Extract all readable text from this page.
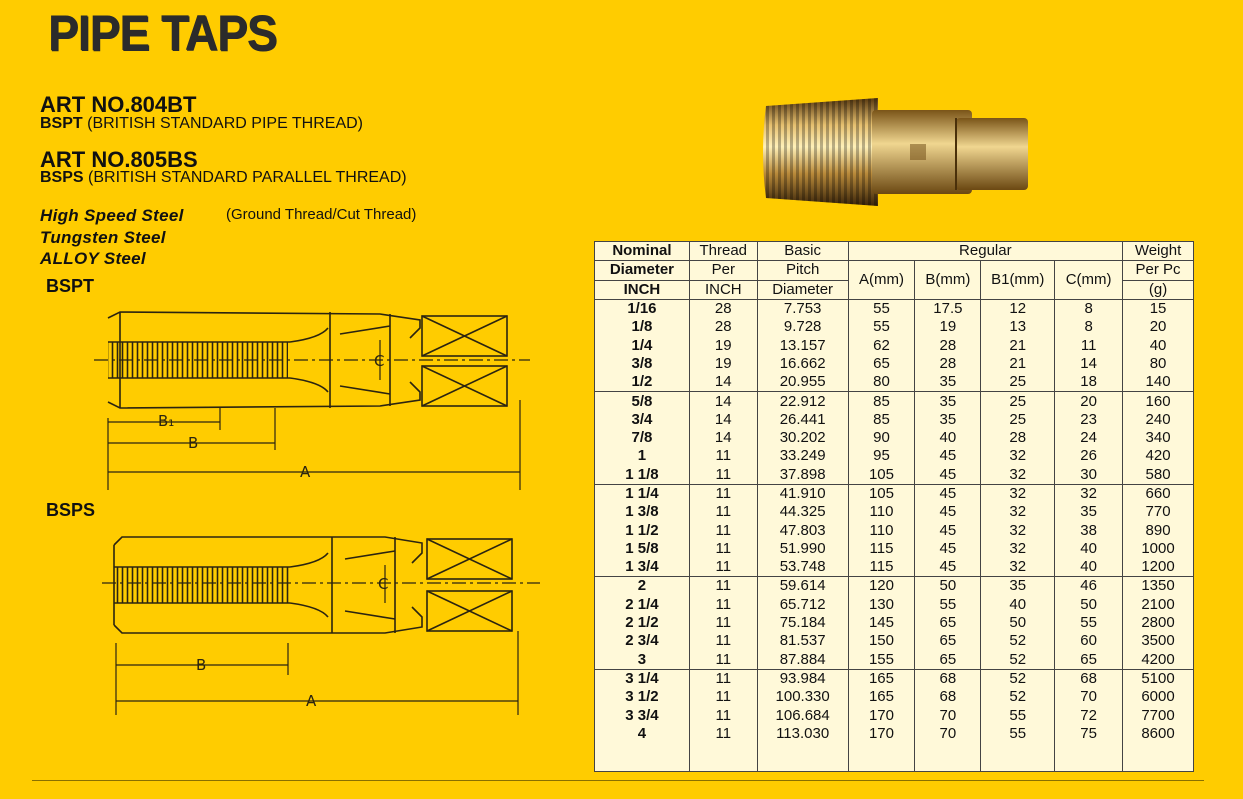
PIPE TAPS
ART NO.804BT
BSPT (BRITISH STANDARD PIPE THREAD)
ART NO.805BS
BSPS (BRITISH STANDARD PARALLEL THREAD)
High Speed Steel	(Ground Thread/Cut Thread)
Tungsten Steel
ALLOY Steel
BSPT
BSPS
B₁
B
A
C
B
A
C
Nominal	Thread	Basic	Regular				Weight
Diameter	Per	Pitch	A(mm)	B(mm)	B1(mm)	C(mm)	Per Pc
INCH	INCH	Diameter					(g)
1/16	28	7.753	55	17.5	12	8	15
1/8	28	9.728	55	19	13	8	20
1/4	19	13.157	62	28	21	11	40
3/8	19	16.662	65	28	21	14	80
1/2	14	20.955	80	35	25	18	140
5/8	14	22.912	85	35	25	20	160
3/4	14	26.441	85	35	25	23	240
7/8	14	30.202	90	40	28	24	340
1	11	33.249	95	45	32	26	420
1 1/8	11	37.898	105	45	32	30	580
1 1/4	11	41.910	105	45	32	32	660
1 3/8	11	44.325	110	45	32	35	770
1 1/2	11	47.803	110	45	32	38	890
1 5/8	11	51.990	115	45	32	40	1000
1 3/4	11	53.748	115	45	32	40	1200
2	11	59.614	120	50	35	46	1350
2 1/4	11	65.712	130	55	40	50	2100
2 1/2	11	75.184	145	65	50	55	2800
2 3/4	11	81.537	150	65	52	60	3500
3	11	87.884	155	65	52	65	4200
3 1/4	11	93.984	165	68	52	68	5100
3 1/2	11	100.330	165	68	52	70	6000
3 3/4	11	106.684	170	70	55	72	7700
4	11	113.030	170	70	55	75	8600
